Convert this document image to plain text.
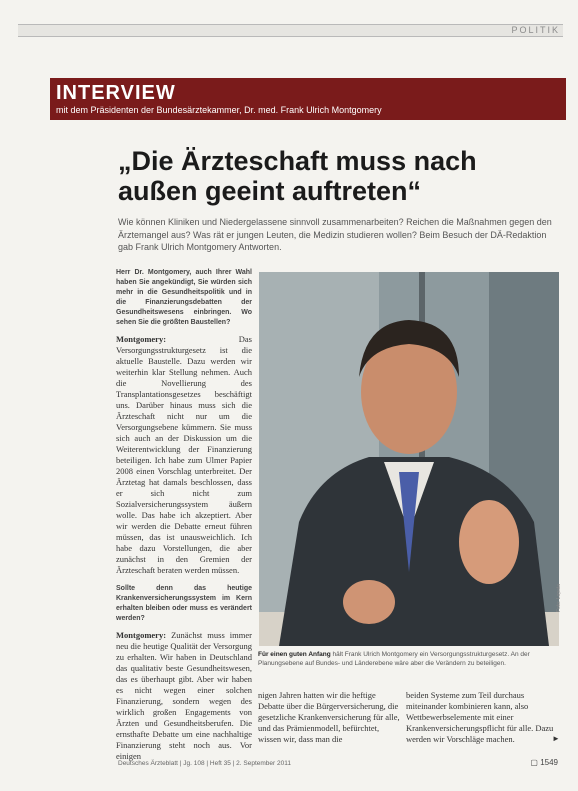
POLITIK
INTERVIEW
mit dem Präsidenten der Bundesärztekammer, Dr. med. Frank Ulrich Montgomery
„Die Ärzteschaft muss nach außen geeint auftreten“
Wie können Kliniken und Niedergelassene sinnvoll zusammenarbeiten? Reichen die Maßnahmen gegen den Ärztemangel aus? Was rät er jungen Leuten, die Medizin studieren wollen? Beim Besuch der DÄ-Redaktion gab Frank Ulrich Montgomery Antworten.

Herr Dr. Montgomery, auch Ihrer Wahl haben Sie angekündigt, Sie würden sich mehr in die Gesundheitspolitik und in die Finanzierungsdebatten der Gesundheitswesens einbringen. Wo sehen Sie die größten Baustellen?

Montgomery:	Das Versorgungsstrukturgesetz ist die aktuelle Baustelle. Dazu werden wir weiterhin klar Stellung nehmen. Auch die Novellierung des Transplantationsgesetzes beschäftigt uns. Darüber hinaus muss sich die Ärzteschaft nicht nur um die Versorgungsebene kümmern. Sie muss sich auch an der Diskussion um die Weiterentwicklung der Finanzierung beteiligen. Ich habe zum Ulmer Papier 2008 einen Vorschlag unterbreitet. Der Ärztetag hat damals beschlossen, dass er sich nicht zum Sozialversicherungssystem äußern wolle. Das habe ich akzeptiert. Aber wir werden die Debatte erneut führen müssen, das ist unausweichlich. Ich habe dazu Vorstellungen, die aber zunächst in den Gremien der Ärzteschaft beraten werden müssen.

Sollte denn das heutige Krankenversicherungssystem im Kern erhalten bleiben oder muss es verändert werden?

Montgomery: Zunächst muss immer neu die heutige Qualität der Versorgung zu erhalten. Wir haben in Deutschland das qualitativ beste Gesundheitswesen, das es überhaupt gibt. Aber wir haben es nicht wegen einer solchen Finanzierung, sondern wegen des wirklich großen Engagements von Ärzten und Gesundheitsberufen. Die ernsthafte Debatte um eine nachhaltige Finanzierung steht noch aus. Vor einigen

Foto: Lopata
Für einen guten Anfang hält Frank Ulrich Montgomery ein Versorgungsstrukturgesetz. An der Planungsebene auf Bundes- und Länderebene wäre aber die Verändern zu beteiligen.
nigen Jahren hatten wir die heftige Debatte über die Bürgerversicherung, die gesetzliche Krankenversicherung für alle, und das Prämienmodell, befürchtet, wissen wir, dass man die
beiden Systeme zum Teil durchaus miteinander kombinieren kann, also Wettbewerbselemente mit einer Krankenversicherungspflicht für alle. Dazu werden wir Vorschläge machen.	►
Deutsches Ärzteblatt | Jg. 108 | Heft 35 | 2. September 2011	▢ 1549
